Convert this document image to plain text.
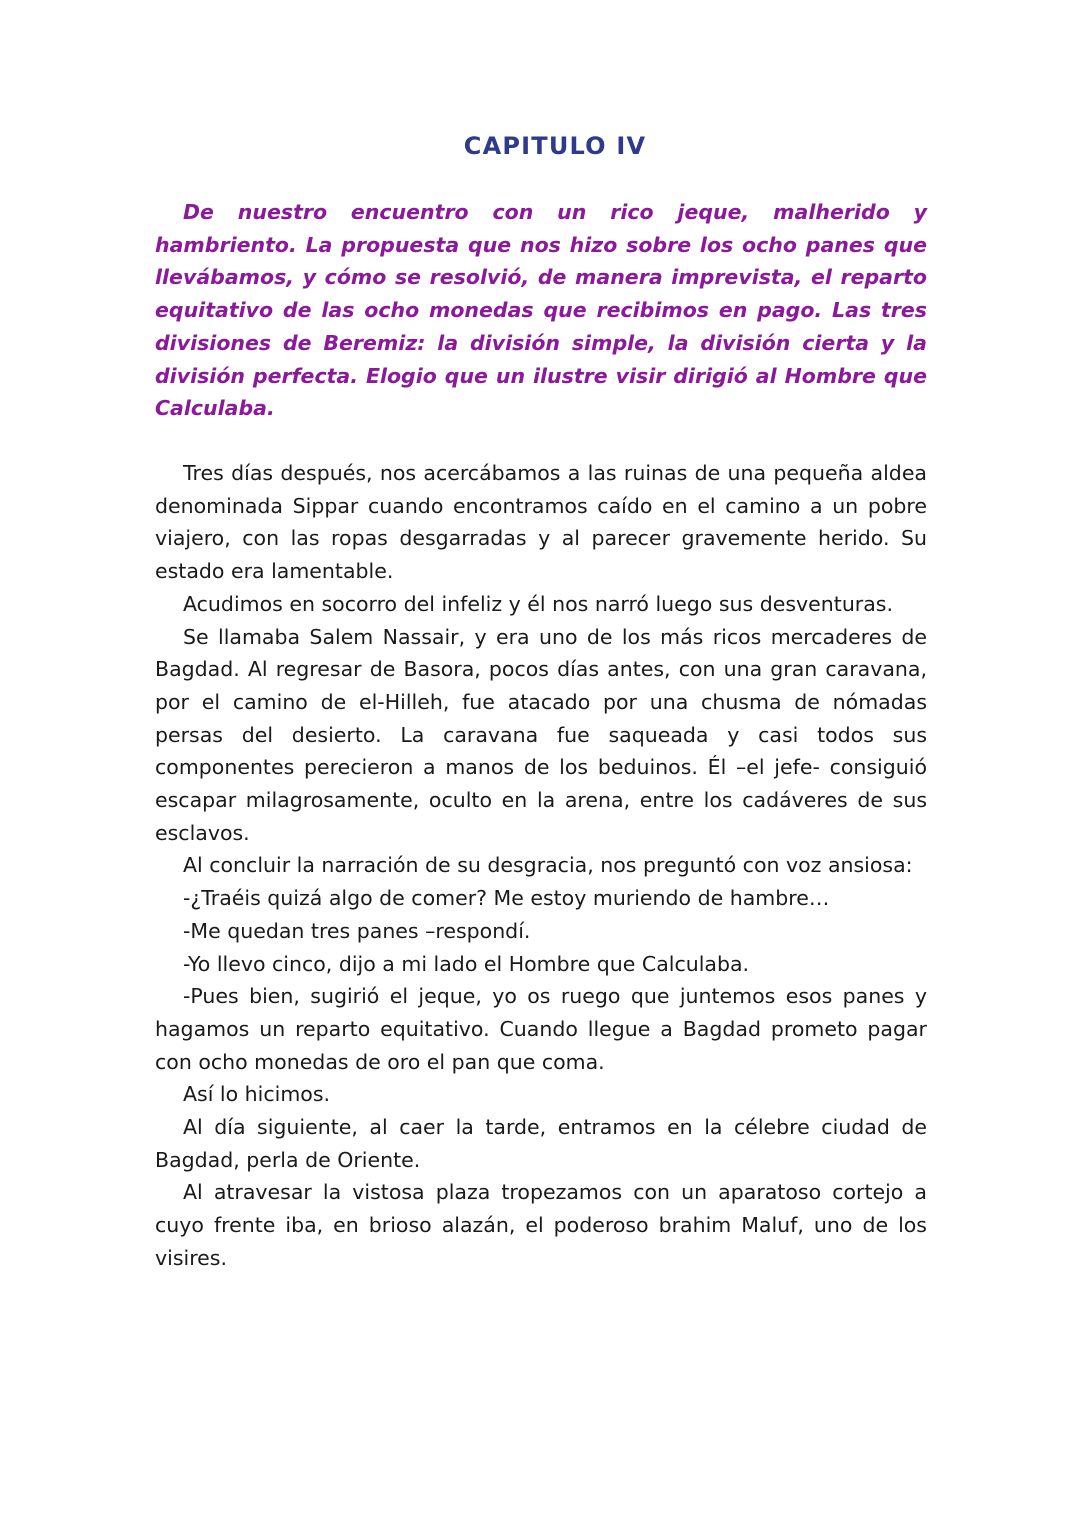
CAPITULO IV

De nuestro encuentro con un rico jeque, malherido y hambriento. La propuesta que nos hizo sobre los ocho panes que llevábamos, y cómo se resolvió, de manera imprevista, el reparto equitativo de las ocho monedas que recibimos en pago. Las tres divisiones de Beremiz: la división simple, la división cierta y la división perfecta. Elogio que un ilustre visir dirigió al Hombre que Calculaba.

Tres días después, nos acercábamos a las ruinas de una pequeña aldea denominada Sippar cuando encontramos caído en el camino a un pobre viajero, con las ropas desgarradas y al parecer gravemente herido. Su estado era lamentable.

Acudimos en socorro del infeliz y él nos narró luego sus desventuras.

Se llamaba Salem Nassair, y era uno de los más ricos mercaderes de Bagdad. Al regresar de Basora, pocos días antes, con una gran caravana, por el camino de el-Hilleh, fue atacado por una chusma de nómadas persas del desierto. La caravana fue saqueada y casi todos sus componentes perecieron a manos de los beduinos. Él –el jefe- consiguió escapar milagrosamente, oculto en la arena, entre los cadáveres de sus esclavos.

Al concluir la narración de su desgracia, nos preguntó con voz ansiosa:

-¿Traéis quizá algo de comer? Me estoy muriendo de hambre…

-Me quedan tres panes –respondí.

-Yo llevo cinco, dijo a mi lado el Hombre que Calculaba.

-Pues bien, sugirió el jeque, yo os ruego que juntemos esos panes y hagamos un reparto equitativo. Cuando llegue a Bagdad prometo pagar con ocho monedas de oro el pan que coma.

Así lo hicimos.

Al día siguiente, al caer la tarde, entramos en la célebre ciudad de Bagdad, perla de Oriente.

Al atravesar la vistosa plaza tropezamos con un aparatoso cortejo a cuyo frente iba, en brioso alazán, el poderoso brahim Maluf, uno de los visires.
